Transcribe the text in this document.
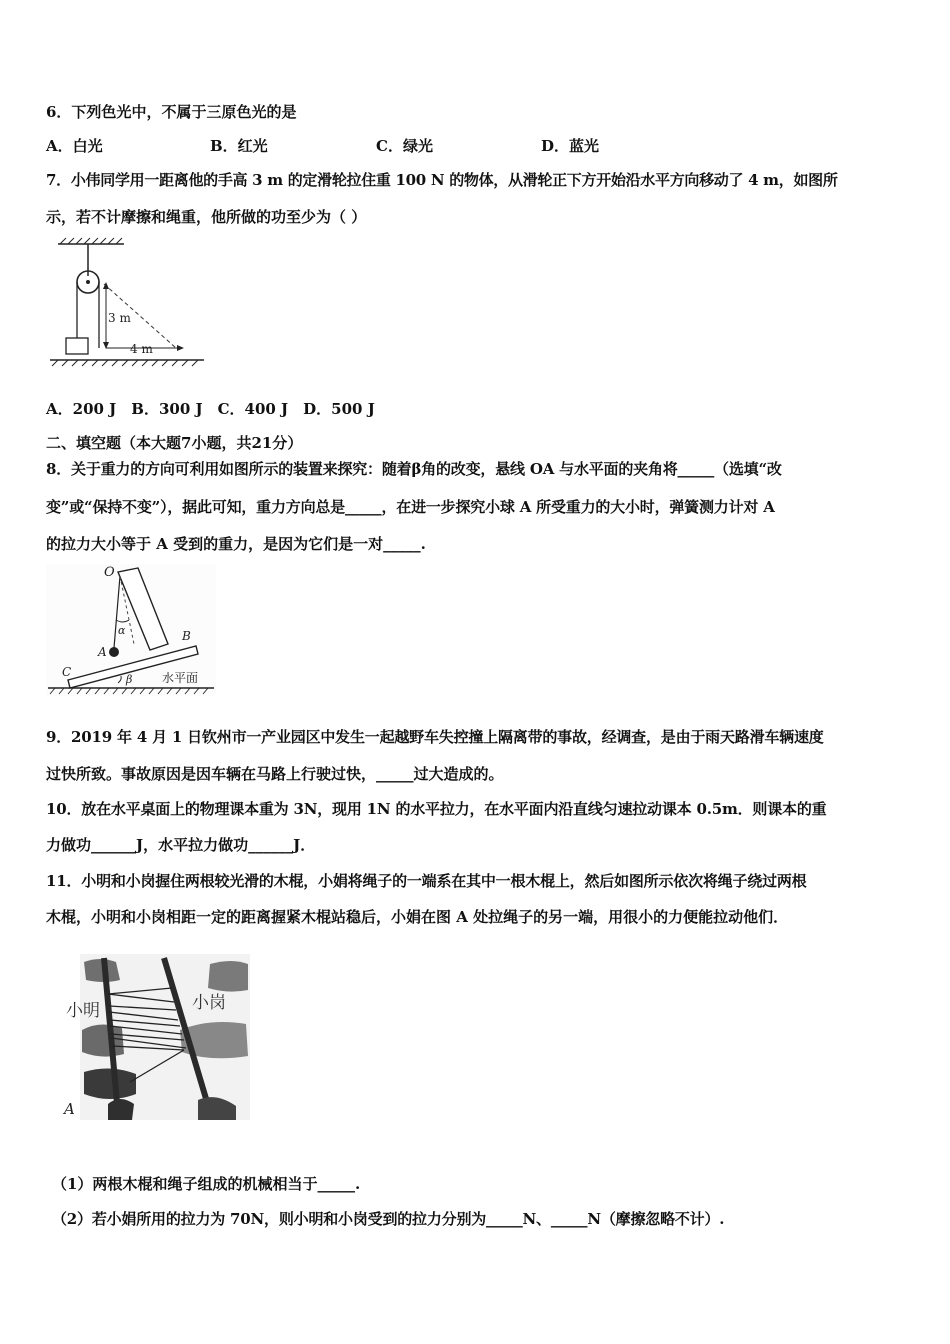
6．下列色光中，不属于三原色光的是
A．白光	B．红光	C．绿光	D．蓝光
7．小伟同学用一距离他的手高 3 m 的定滑轮拉住重 100 N 的物体，从滑轮正下方开始沿水平方向移动了 4 m，如图所
示，若不计摩擦和绳重，他所做的功至少为（ ）
3 m
4 m
A．200 J　B．300 J　C．400 J　D．500 J
二、填空题（本大题7小题，共21分）
8．关于重力的方向可利用如图所示的装置来探究：随着β角的改变，悬线 OA 与水平面的夹角将_____（选填“改
变”或“保持不变”），据此可知，重力方向总是_____，在进一步探究小球 A 所受重力的大小时，弹簧测力计对 A
的拉力大小等于 A 受到的重力，是因为它们是一对_____.
O
α
A
B
C
β 水平面
9．2019 年 4 月 1 日钦州市一产业园区中发生一起越野车失控撞上隔离带的事故，经调查，是由于雨天路滑车辆速度
过快所致。事故原因是因车辆在马路上行驶过快，_____过大造成的。
10．放在水平桌面上的物理课本重为 3N，现用 1N 的水平拉力，在水平面内沿直线匀速拉动课本 0.5m．则课本的重
力做功______J，水平拉力做功______J．
11．小明和小岗握住两根较光滑的木棍，小娟将绳子的一端系在其中一根木棍上，然后如图所示依次将绳子绕过两根
木棍，小明和小岗相距一定的距离握紧木棍站稳后，小娟在图 A 处拉绳子的另一端，用很小的力便能拉动他们．
小明	小岗
A
（1）两根木棍和绳子组成的机械相当于_____.
（2）若小娟所用的拉力为 70N，则小明和小岗受到的拉力分别为_____N、_____N（摩擦忽略不计）.
